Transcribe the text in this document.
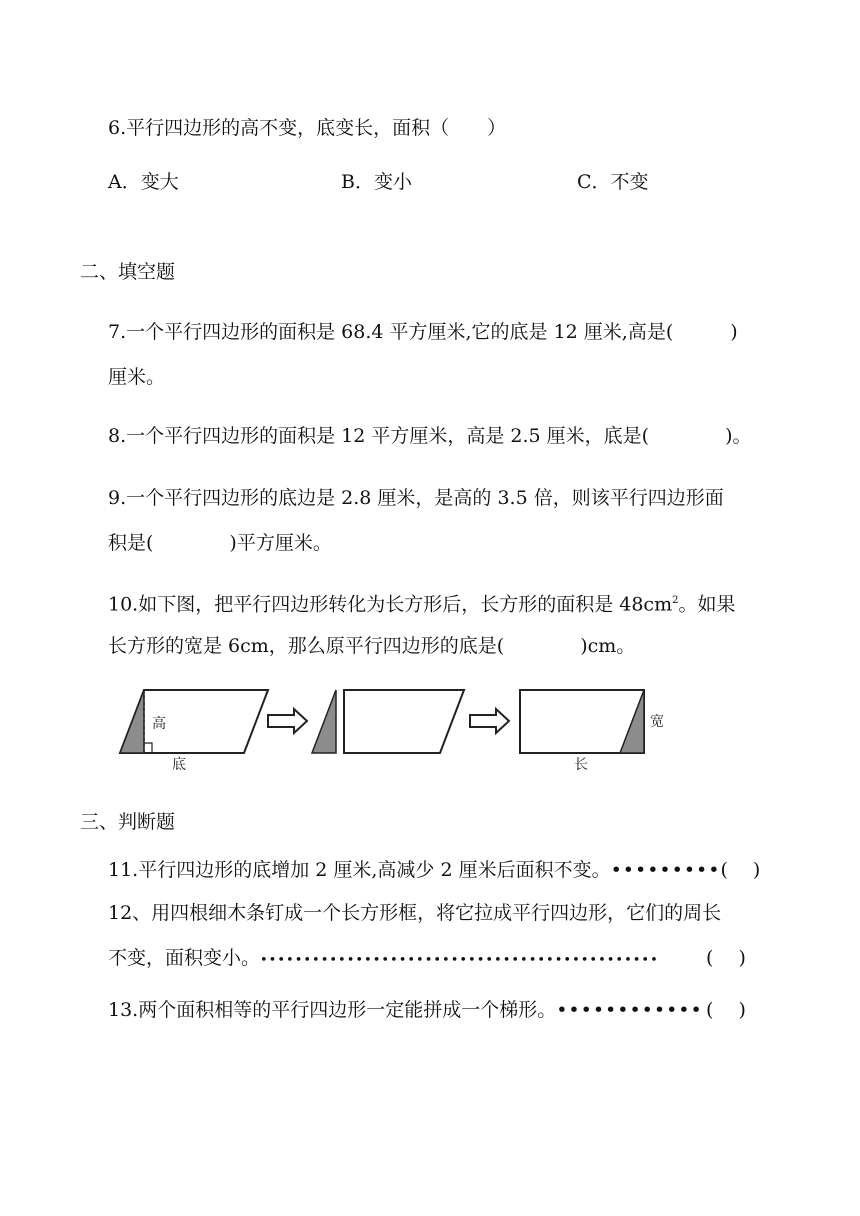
6.平行四边形的高不变，底变长，面积（　　）
A．变大	B．变小	C．不变
二、填空题
7.一个平行四边形的面积是 68.4 平方厘米,它的底是 12 厘米,高是(　　　)
厘米。
8.一个平行四边形的面积是 12 平方厘米，高是 2.5 厘米，底是(　　　　)。
9.一个平行四边形的底边是 2.8 厘米，是高的 3.5 倍，则该平行四边形面
积是(　　　　)平方厘米。
10.如下图，把平行四边形转化为长方形后，长方形的面积是 $48cm^2$。如果
长方形的宽是 6cm，那么原平行四边形的底是(　　　　)cm。
高
底
宽
长
三、判断题
11.平行四边形的底增加 2 厘米,高减少 2 厘米后面积不变。•••••••••(　 )
12、用四根细木条钉成一个长方形框，将它拉成平行四边形，它们的周长
不变，面积变小。•••••••••••••••••••••••••••••••••••••••••••••• (　 )
13.两个面积相等的平行四边形一定能拼成一个梯形。•••••••••••• (　 )
